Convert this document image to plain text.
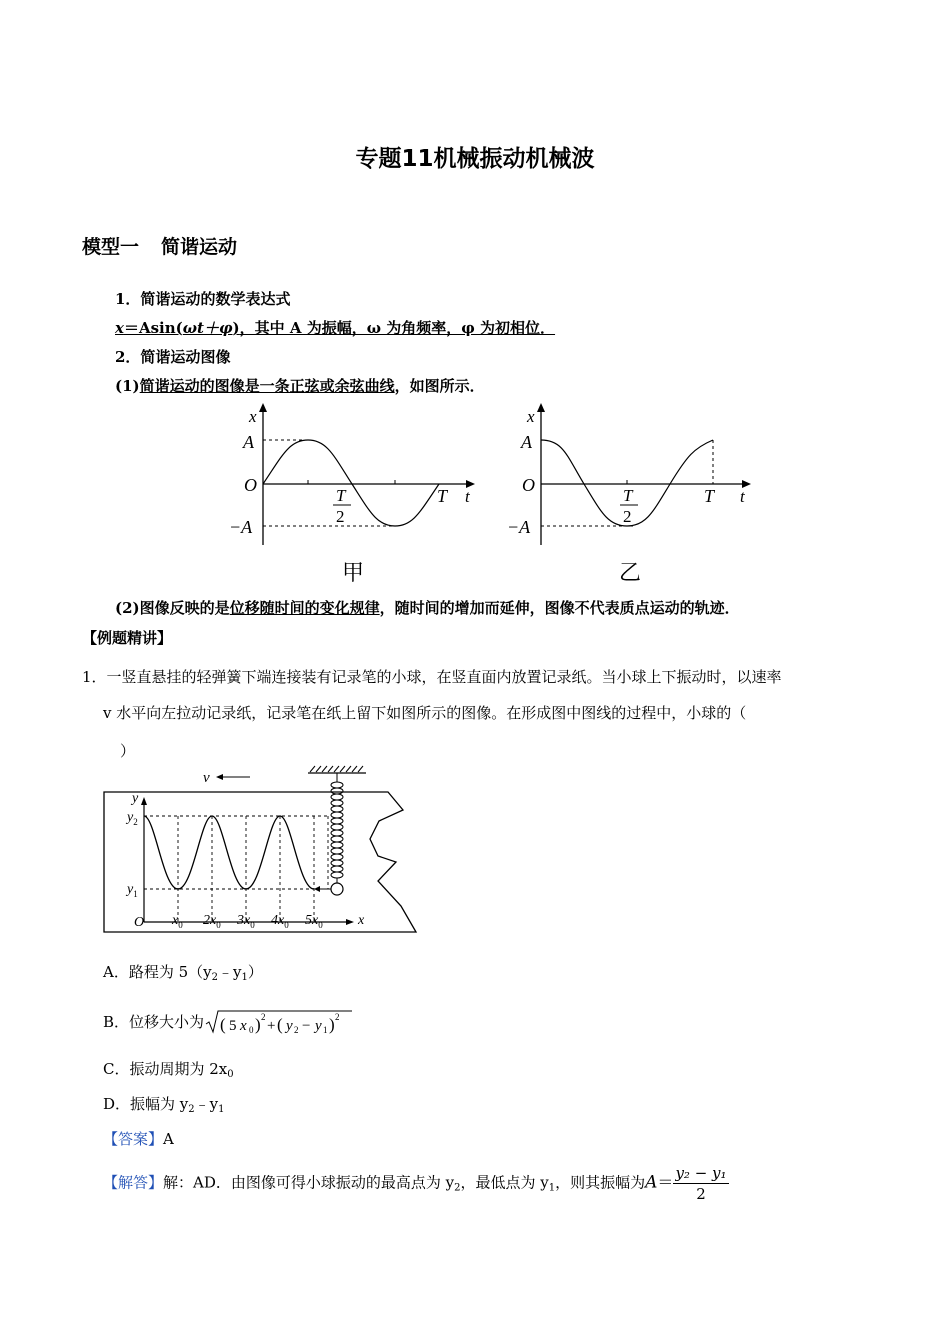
专题11机械振动机械波
模型一 简谐运动
1．简谐运动的数学表达式
x＝Asin(ωt＋φ)，其中 A 为振幅，ω 为角频率，φ 为初相位．
2．简谐运动图像
(1)简谐运动的图像是一条正弦或余弦曲线，如图所示．
x
A
O
−A
T
2
T t
甲
x
A
O
−A
T
2
T t
乙
(2)图像反映的是位移随时间的变化规律，随时间的增加而延伸，图像不代表质点运动的轨迹．
【例题精讲】
1．一竖直悬挂的轻弹簧下端连接装有记录笔的小球，在竖直面内放置记录纸。当小球上下振动时，以速率
v 水平向左拉动记录纸，记录笔在纸上留下如图所示的图像。在形成图中图线的过程中，小球的（
）
v
y
$y_2$
$y_1$
O	x
$x_0$ $2x_0$ $3x_0$ $4x_0$ $5x_0$
A．路程为 $5(y_2﹣y_1)$
B．位移大小为 ( 5 x 0 ) 2
+ ( y 2 − y 1 ) 2
C．振动周期为 $2x_0$
D．振幅为 $y_2﹣y_1$
【答案】A
【解答】解：AD．由图像可得小球振动的最高点为 $y_2$，最低点为 $y_1$，则其振幅为$A= \frac{\text{y₂ − y₁}}{2}$
